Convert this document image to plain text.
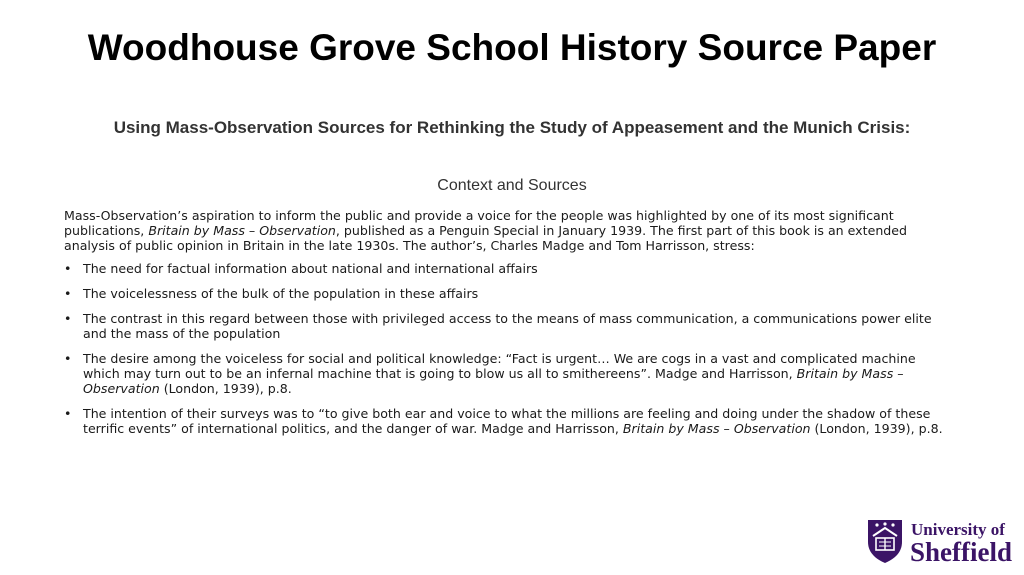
Woodhouse Grove School History Source Paper
Using Mass-Observation Sources for Rethinking the Study of Appeasement and the Munich Crisis:
Context and Sources

Mass-Observation’s aspiration to inform the public and provide a voice for the people was highlighted by one of its most significant publications, Britain by Mass – Observation, published as a Penguin Special in January 1939. The first part of this book is an extended analysis of public opinion in Britain in the late 1930s. The author’s, Charles Madge and Tom Harrisson, stress:

• The need for factual information about national and international affairs
• The voicelessness of the bulk of the population in these affairs
• The contrast in this regard between those with privileged access to the means of mass communication, a communications power elite and the mass of the population
• The desire among the voiceless for social and political knowledge: “Fact is urgent… We are cogs in a vast and complicated machine which may turn out to be an infernal machine that is going to blow us all to smithereens”. Madge and Harrisson, Britain by Mass – Observation (London, 1939), p.8.
• The intention of their surveys was to “to give both ear and voice to what the millions are feeling and doing under the shadow of these terrific events” of international politics, and the danger of war. Madge and Harrisson, Britain by Mass – Observation (London, 1939), p.8.
University of
Sheffield
